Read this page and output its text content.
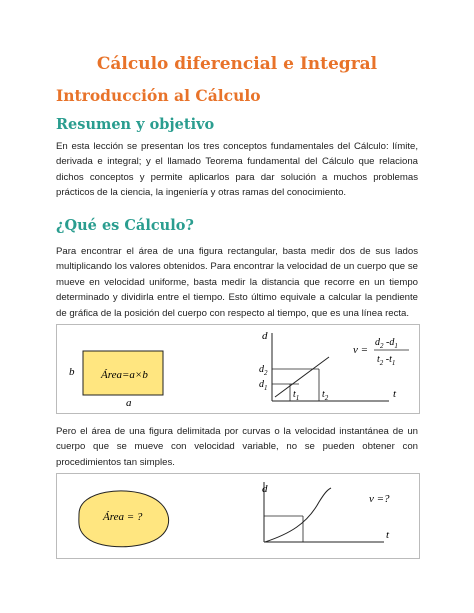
Cálculo diferencial e Integral
Introducción al Cálculo
Resumen y objetivo
En esta lección se presentan los tres conceptos fundamentales del Cálculo: límite, derivada e integral; y el llamado Teorema fundamental del Cálculo que relaciona dichos conceptos y permite aplicarlos para dar solución a muchos problemas prácticos de la ciencia, la ingeniería y otras ramas del conocimiento.
¿Qué es Cálculo?
Para encontrar el área de una figura rectangular, basta medir dos de sus lados multiplicando los valores obtenidos. Para encontrar la velocidad de un cuerpo que se mueve en velocidad uniforme, basta medir la distancia que recorre en un tiempo determinado y dividirla entre el tiempo. Esto último equivale a calcular la pendiente de gráfica de la posición del cuerpo con respecto al tiempo, que es una línea recta.
Área=a×b
b
a
d
t
$d_2$
$d_1$
$t_1$ $t_2$
v =
$d_2$ $-d_1$
$t_2$ $-t_1$
Pero el área de una figura delimitada por curvas o la velocidad instantánea de un cuerpo que se mueve con velocidad variable, no se pueden obtener con procedimientos tan simples.
Área = ?
d
t
v =?
